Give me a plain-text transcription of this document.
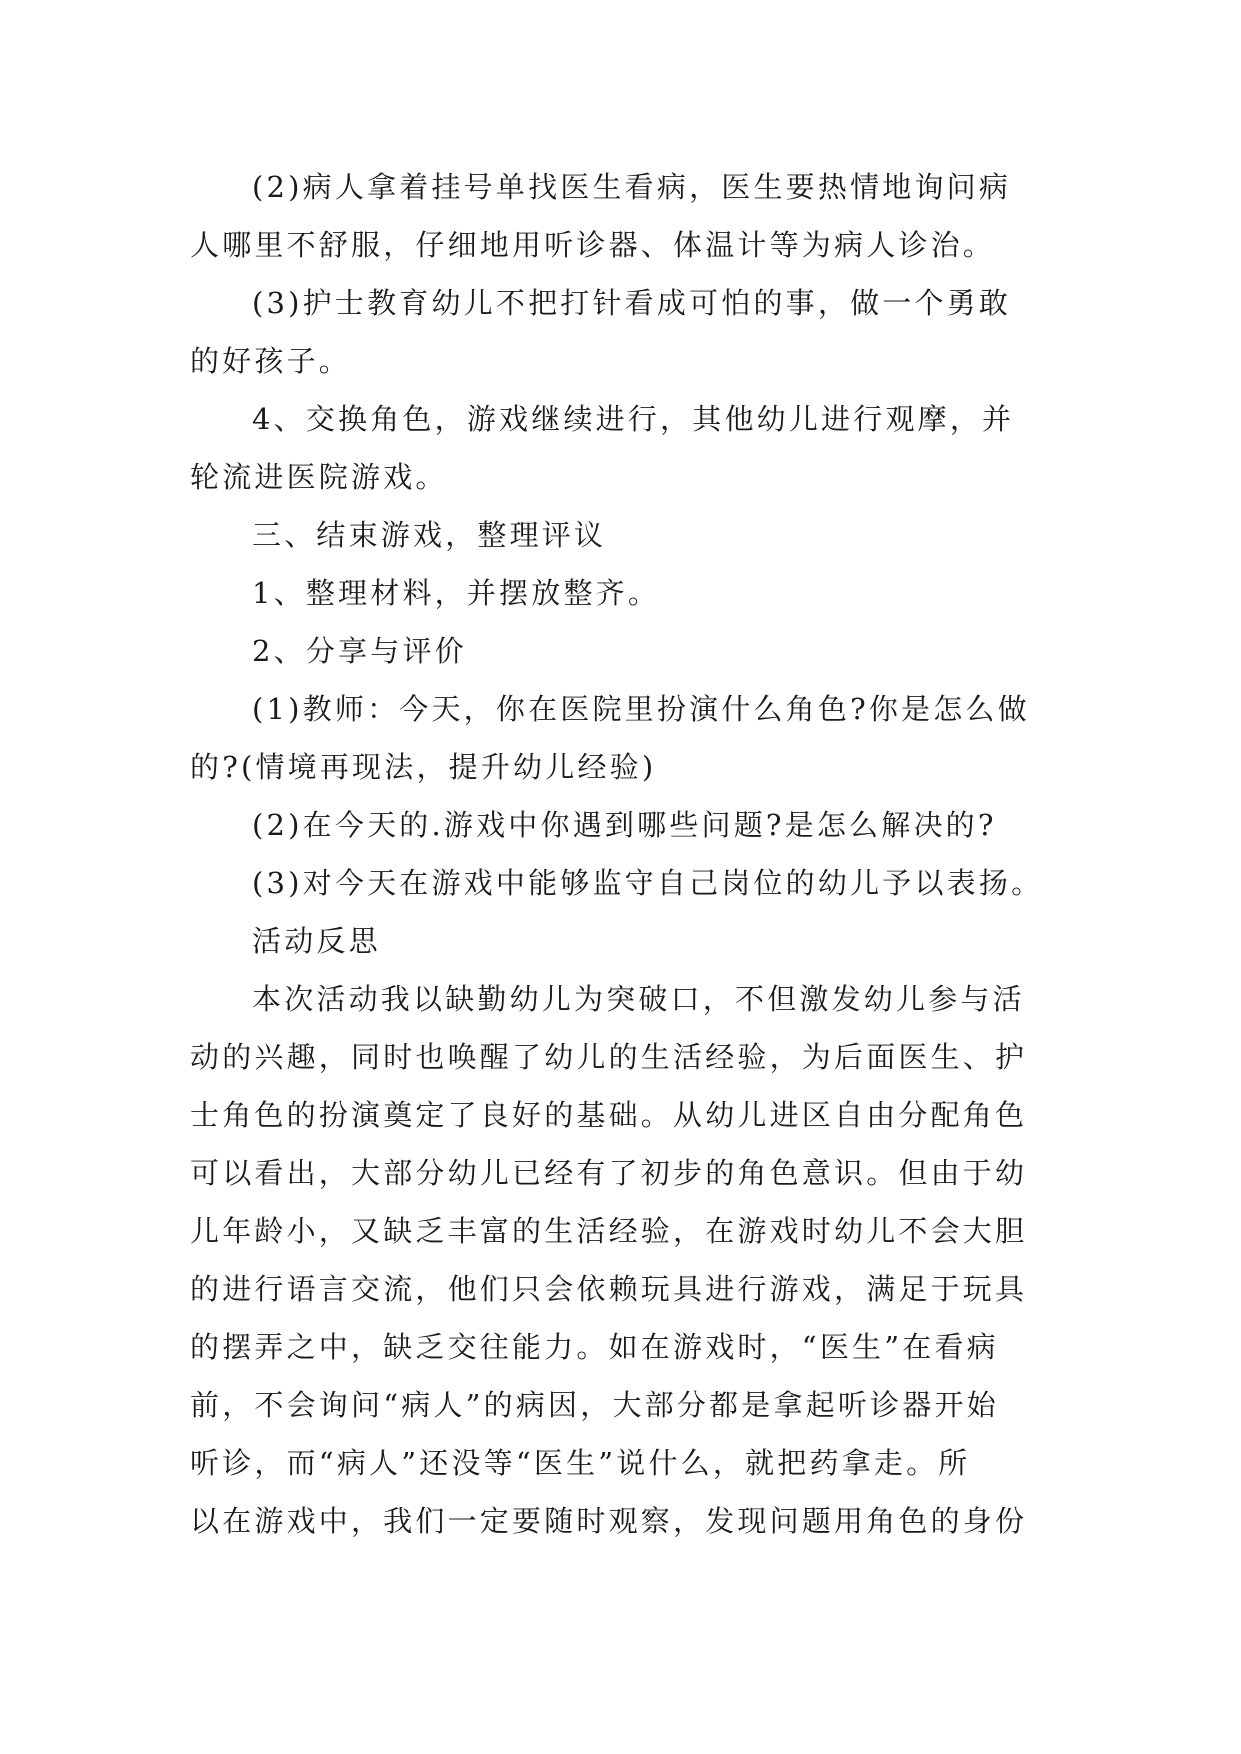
(2)病人拿着挂号单找医生看病，医生要热情地询问病
人哪里不舒服，仔细地用听诊器、体温计等为病人诊治。
(3)护士教育幼儿不把打针看成可怕的事，做一个勇敢
的好孩子。
4、交换角色，游戏继续进行，其他幼儿进行观摩，并
轮流进医院游戏。
三、结束游戏，整理评议
1、整理材料，并摆放整齐。
2、分享与评价
(1)教师：今天，你在医院里扮演什么角色?你是怎么做
的?(情境再现法，提升幼儿经验)
(2)在今天的.游戏中你遇到哪些问题?是怎么解决的?
(3)对今天在游戏中能够监守自己岗位的幼儿予以表扬。
活动反思
本次活动我以缺勤幼儿为突破口，不但激发幼儿参与活
动的兴趣，同时也唤醒了幼儿的生活经验，为后面医生、护
士角色的扮演奠定了良好的基础。从幼儿进区自由分配角色
可以看出，大部分幼儿已经有了初步的角色意识。但由于幼
儿年龄小，又缺乏丰富的生活经验，在游戏时幼儿不会大胆
的进行语言交流，他们只会依赖玩具进行游戏，满足于玩具
的摆弄之中，缺乏交往能力。如在游戏时，“医生”在看病
前，不会询问“病人”的病因，大部分都是拿起听诊器开始
听诊，而“病人”还没等“医生”说什么，就把药拿走。所
以在游戏中，我们一定要随时观察，发现问题用角色的身份
